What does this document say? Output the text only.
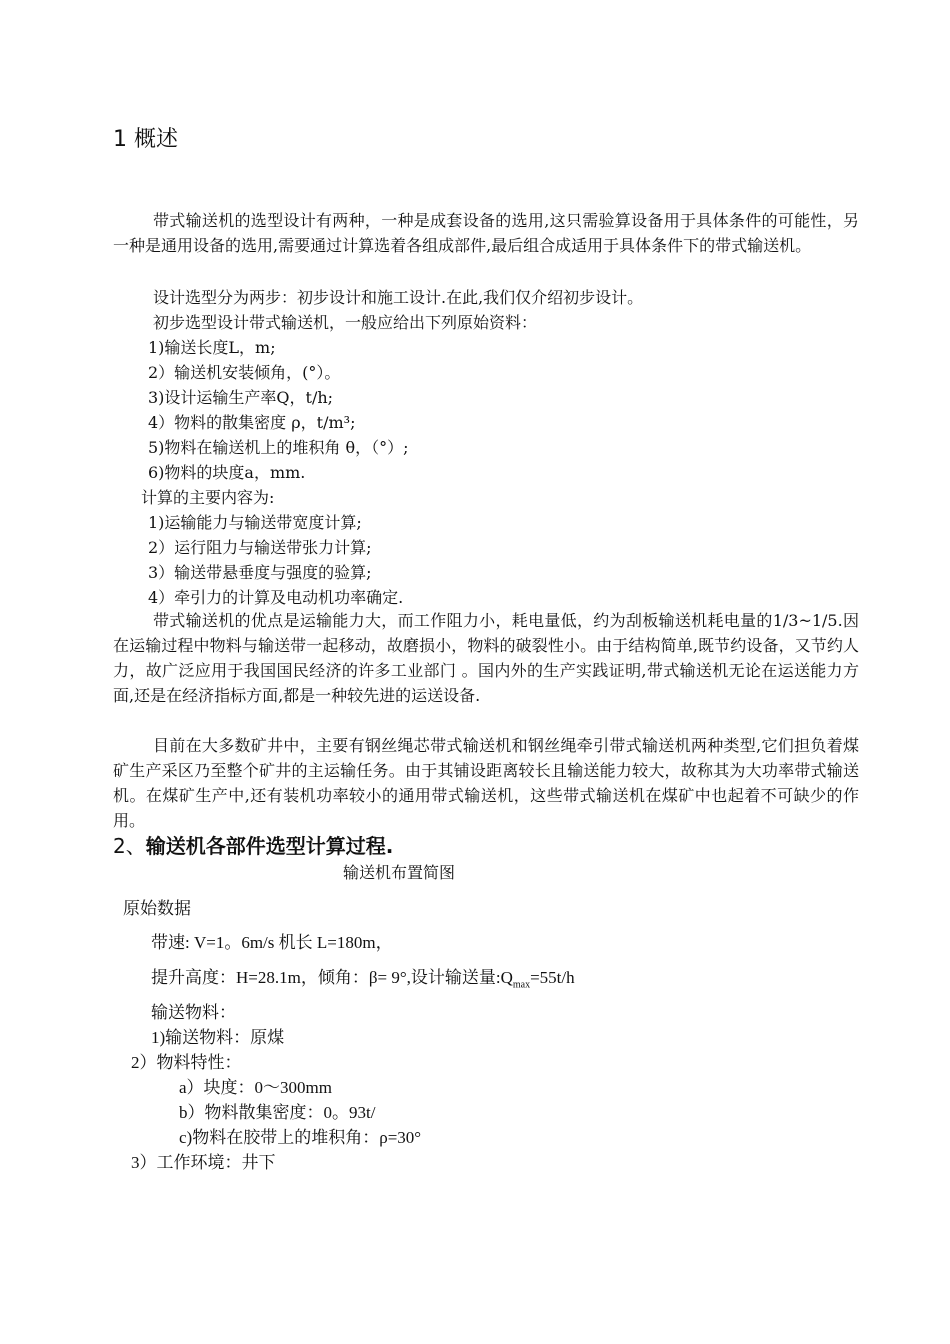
1 概述
带式输送机的选型设计有两种，一种是成套设备的选用,这只需验算设备用于具体条件的可能性，另一种是通用设备的选用,需要通过计算选着各组成部件,最后组合成适用于具体条件下的带式输送机。
设计选型分为两步：初步设计和施工设计.在此,我们仅介绍初步设计。
初步选型设计带式输送机，一般应给出下列原始资料：
1)输送长度L，m;
2）输送机安装倾角，(°）。
3)设计运输生产率Q，t/h;
4）物料的散集密度 ρ，t/m³;
5)物料在输送机上的堆积角 θ，（°）;
6)物料的块度a，mm.
计算的主要内容为:
1)运输能力与输送带宽度计算;
2）运行阻力与输送带张力计算;
3）输送带悬垂度与强度的验算;
4）牵引力的计算及电动机功率确定.
带式输送机的优点是运输能力大，而工作阻力小，耗电量低，约为刮板输送机耗电量的1/3~1/5.因在运输过程中物料与输送带一起移动，故磨损小，物料的破裂性小。由于结构简单,既节约设备，又节约人力，故广泛应用于我国国民经济的许多工业部门 。国内外的生产实践证明,带式输送机无论在运送能力方面,还是在经济指标方面,都是一种较先进的运送设备.
目前在大多数矿井中，主要有钢丝绳芯带式输送机和钢丝绳牵引带式输送机两种类型,它们担负着煤矿生产采区乃至整个矿井的主运输任务。由于其铺设距离较长且输送能力较大，故称其为大功率带式输送机。在煤矿生产中,还有装机功率较小的通用带式输送机，这些带式输送机在煤矿中也起着不可缺少的作用。
2、输送机各部件选型计算过程.
输送机布置简图
原始数据
带速: V=1。6m/s 机长 L=180m，
提升高度：H=28.1m，倾角：β= 9°,设计输送量$:Q_{max}=55t/h$
输送物料：
1)输送物料：原煤
2）物料特性：
a）块度：0～300mm
b）物料散集密度：0。93t/
c)物料在胶带上的堆积角：ρ=30°
3）工作环境：井下
